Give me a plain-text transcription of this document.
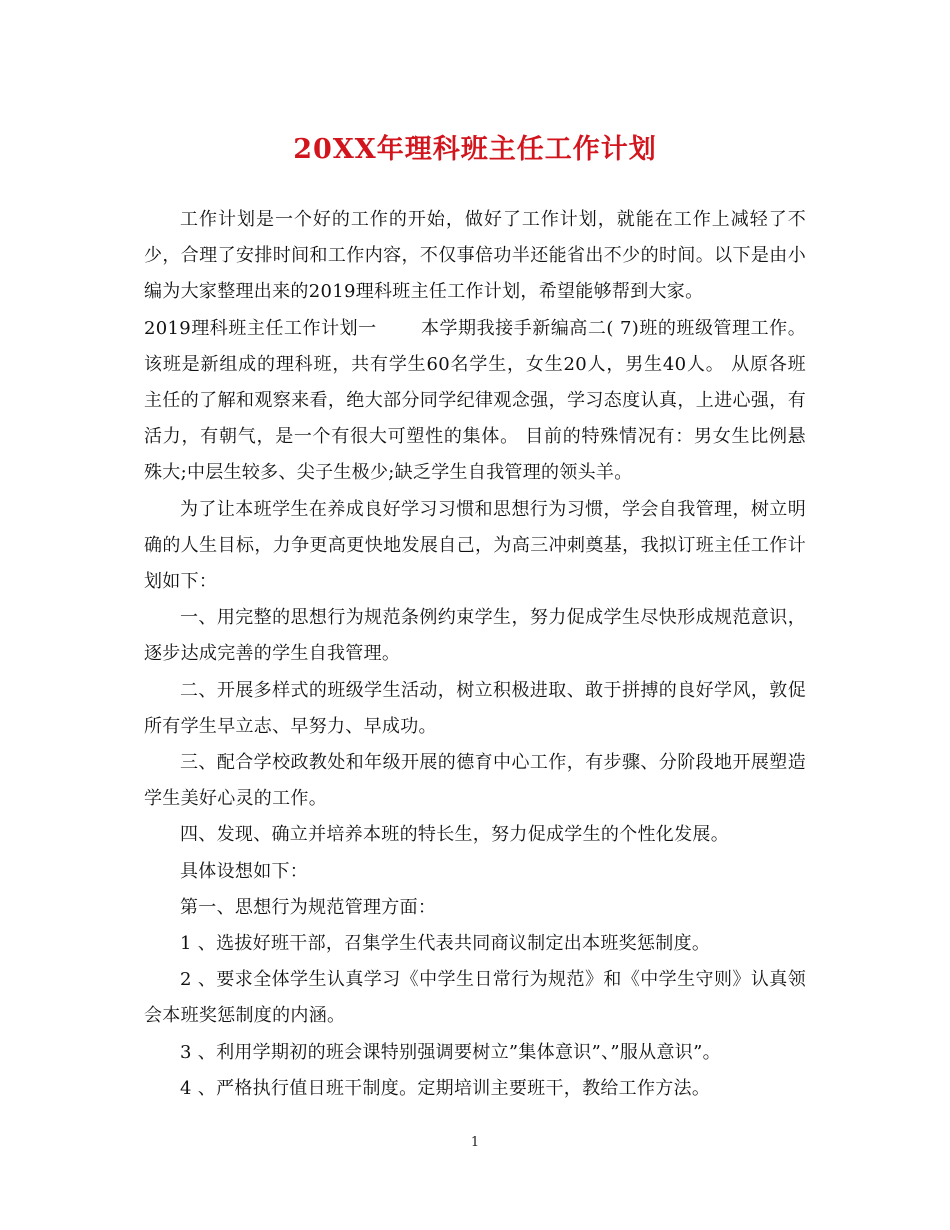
20XX年理科班主任工作计划

工作计划是一个好的工作的开始，做好了工作计划，就能在工作上减轻了不少，合理了安排时间和工作内容，不仅事倍功半还能省出不少的时间。以下是由小编为大家整理出来的2019理科班主任工作计划，希望能够帮到大家。

2019理科班主任工作计划一 本学期我接手新编高二( 7)班的班级管理工作。该班是新组成的理科班，共有学生60名学生，女生20人，男生40人。 从原各班主任的了解和观察来看，绝大部分同学纪律观念强，学习态度认真，上进心强，有活力，有朝气，是一个有很大可塑性的集体。 目前的特殊情况有：男女生比例悬殊大;中层生较多、尖子生极少;缺乏学生自我管理的领头羊。

为了让本班学生在养成良好学习习惯和思想行为习惯，学会自我管理，树立明确的人生目标，力争更高更快地发展自己，为高三冲刺奠基，我拟订班主任工作计划如下：

一、用完整的思想行为规范条例约束学生，努力促成学生尽快形成规范意识，逐步达成完善的学生自我管理。

二、开展多样式的班级学生活动，树立积极进取、敢于拼搏的良好学风，敦促所有学生早立志、早努力、早成功。

三、配合学校政教处和年级开展的德育中心工作，有步骤、分阶段地开展塑造学生美好心灵的工作。

四、发现、确立并培养本班的特长生，努力促成学生的个性化发展。

具体设想如下：

第一、思想行为规范管理方面：

1 、选拔好班干部，召集学生代表共同商议制定出本班奖惩制度。

2 、要求全体学生认真学习《中学生日常行为规范》和《中学生守则》认真领会本班奖惩制度的内涵。

3 、利用学期初的班会课特别强调要树立”集体意识”、”服从意识”。

4 、严格执行值日班干制度。定期培训主要班干，教给工作方法。

1
